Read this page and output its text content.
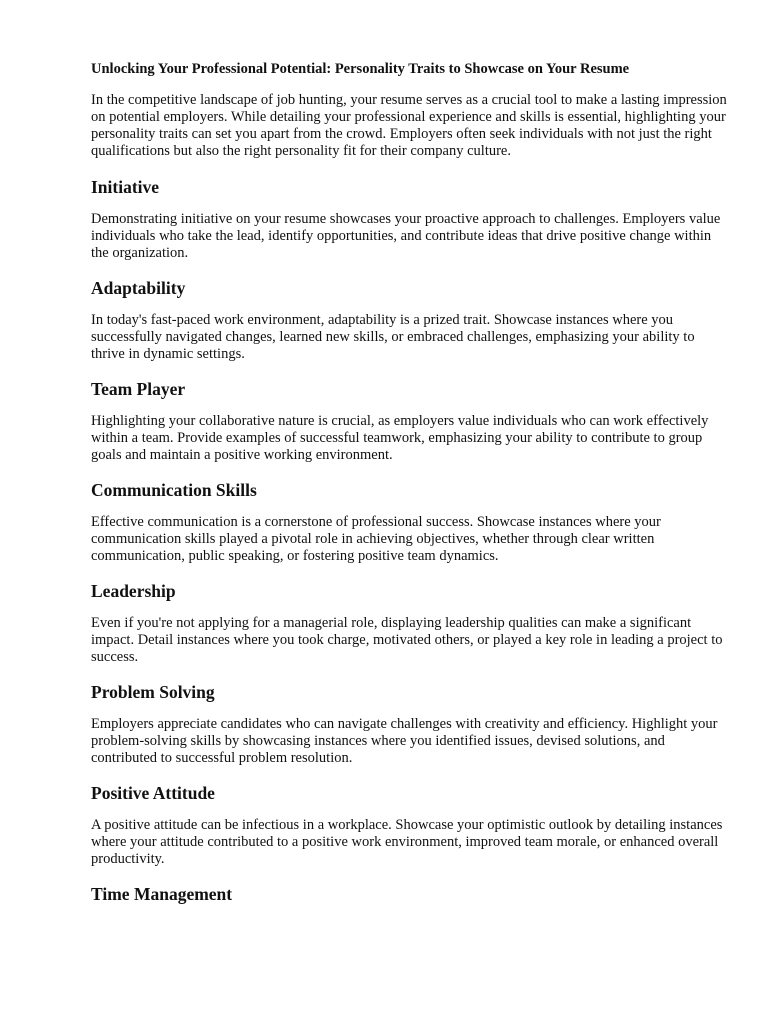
Unlocking Your Professional Potential: Personality Traits to Showcase on Your Resume

In the competitive landscape of job hunting, your resume serves as a crucial tool to make a lasting impression on potential employers. While detailing your professional experience and skills is essential, highlighting your personality traits can set you apart from the crowd. Employers often seek individuals with not just the right qualifications but also the right personality fit for their company culture.

Initiative

Demonstrating initiative on your resume showcases your proactive approach to challenges. Employers value individuals who take the lead, identify opportunities, and contribute ideas that drive positive change within the organization.

Adaptability

In today's fast-paced work environment, adaptability is a prized trait. Showcase instances where you successfully navigated changes, learned new skills, or embraced challenges, emphasizing your ability to thrive in dynamic settings.

Team Player

Highlighting your collaborative nature is crucial, as employers value individuals who can work effectively within a team. Provide examples of successful teamwork, emphasizing your ability to contribute to group goals and maintain a positive working environment.

Communication Skills

Effective communication is a cornerstone of professional success. Showcase instances where your communication skills played a pivotal role in achieving objectives, whether through clear written communication, public speaking, or fostering positive team dynamics.

Leadership

Even if you're not applying for a managerial role, displaying leadership qualities can make a significant impact. Detail instances where you took charge, motivated others, or played a key role in leading a project to success.

Problem Solving

Employers appreciate candidates who can navigate challenges with creativity and efficiency. Highlight your problem-solving skills by showcasing instances where you identified issues, devised solutions, and contributed to successful problem resolution.

Positive Attitude

A positive attitude can be infectious in a workplace. Showcase your optimistic outlook by detailing instances where your attitude contributed to a positive work environment, improved team morale, or enhanced overall productivity.

Time Management
